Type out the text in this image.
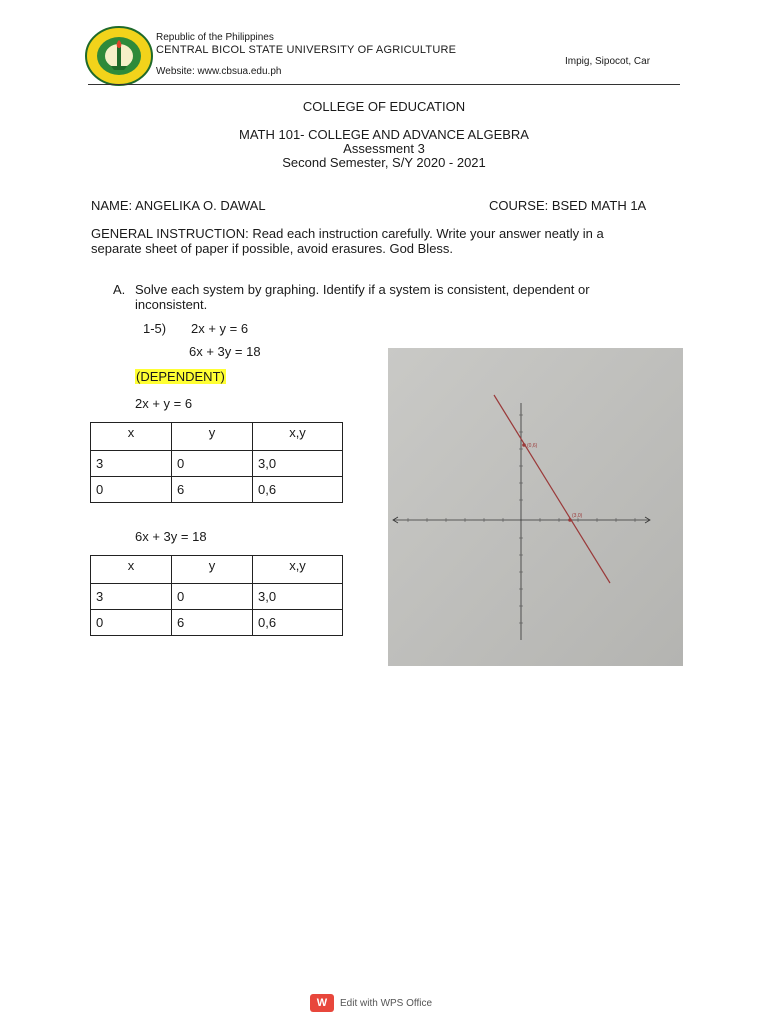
Republic of the Philippines
CENTRAL BICOL STATE UNIVERSITY OF AGRICULTURE
Website: www.cbsua.edu.ph
Impig, Sipocot, Car
COLLEGE OF EDUCATION
MATH 101- COLLEGE AND ADVANCE ALGEBRA
Assessment 3
Second Semester, S/Y 2020 - 2021
NAME: ANGELIKA O. DAWAL	COURSE: BSED MATH 1A
GENERAL INSTRUCTION: Read each instruction carefully. Write your answer neatly in a
separate sheet of paper if possible, avoid erasures. God Bless.
A. Solve each system by graphing. Identify if a system is consistent, dependent or
inconsistent.
1-5) 2x + y = 6
6x + 3y = 18
(DEPENDENT)
2x + y = 6
x	y	x,y
3	0	3,0
0	6	0,6
6x + 3y = 18
x	y	x,y
3	0	3,0
0	6	0,6
(0,6)
(3,0)
W	Edit with WPS Office
